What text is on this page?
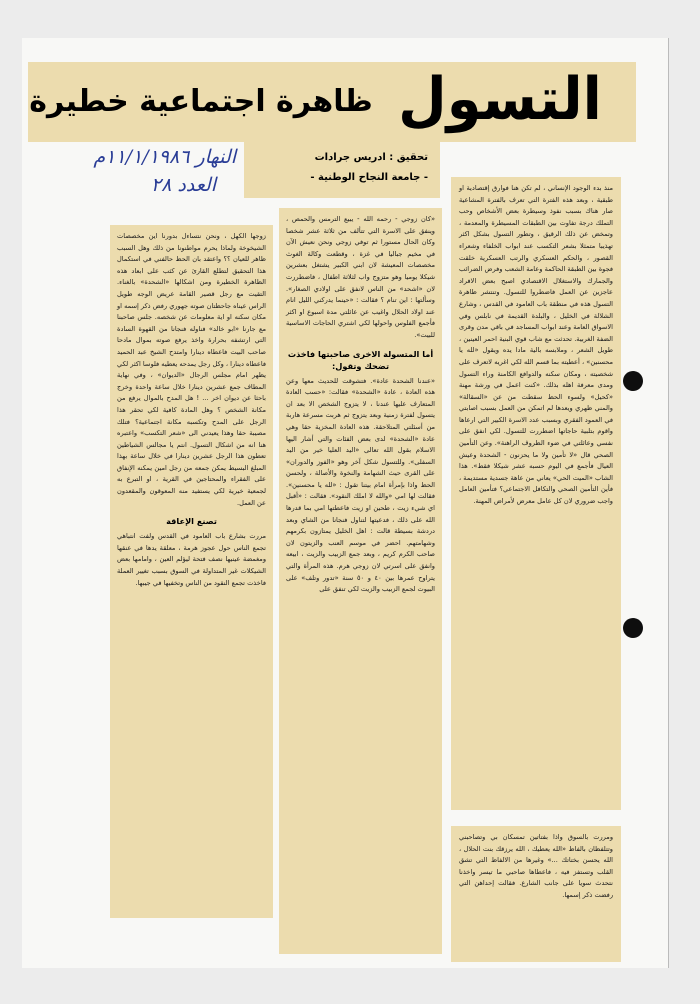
التسول
ظاهرة اجتماعية خطيرة
تحقيق : ادريس جرادات
- جامعة النجاح الوطنية -
النهار ١١/١/١٩٨٦م
العدد ٢٨	منذ بدء الوجود الإنساني ، لم تكن هنا فوارق إقتصادية او طبقية ، وبعد هذه الفترة التي تعرف بالفترة المشاعية صار هناك بسبب نفوذ وسيطرة بعض الأشخاص وحب التملك درجة تفاوت بين الطبقات المسيطرة والمعدمة ، وتمخض عن ذلك الرقيق ، وتطور التسول بشكل اكثر تهذيبا متمثلا بشعر التكسب عند ابواب الخلفاء وشعراء القصور ، والحكم العسكري والرتب العسكرية خلقت فجوة بين الطبقة الحاكمة وعامة الشعب وفرض الضرائب والجمارك والاستغلال الاقتصادي اصبح بعض الافراد عاجزين عن العمل فاضطروا للتسول. وتنتشر ظاهرة التسول هذه في منطقة باب العامود في القدس ، وشارع الشلالة في الخليل ، والبلدة القديمة في نابلس وفي الاسواق العامة وعند ابواب المساجد في باقي مدن وقرى الضفة الغربية. تحدثت مع شاب قوي البنية احمر العينين ، طويل الشعر ، وملابسه بالية مادا يده ويقول «لله يا محسنين» ، أعطيته بما قسم الله لكي اغريه لاتعرف على شخصيته ، ومكان سكنه والدوافع الكامنة وراء التسول ومدى معرفة اهله بذلك. «كنت اعمل في ورشة مهنة «كحيل» ولسوء الحظ سقطت من عن «السقالة» والمني ظهري ويعدها لم اتمكن من العمل بسبب اصابتي في العمود الفقري وبسبب عدد الاسرة الكبير التي ارعاها واقوم بتلبية حاجاتها اضطررت للتسول. لكي انفق على نفسي وعائلتي في ضوء الظروف الراهنة». وعن التأمين الصحي قال «لا تأمين ولا ما يحزنون - الشحدة وعيش العيال فأجمع في اليوم حسبه عشر شيكلا فقط». هذا الشاب «الميت الحي» يعاني من عاهة جسدية مستديمة ، فأين التأمين الصحي والتكافل الاجتماعي؟ فتأمين العامل واجب ضروري لان كل عامل معرض لأمراض المهنة.

ومررت بالسوق واذا بفتاتين تمسكان بي وتصاحبني وتتلفظان بالفاظ «الله يعطيك ، الله يرزقك بنت الحلال ، الله يحسن بختاتك ...» وغيرها من الالفاظ التي تشق القلب وتستفز فيه ، فاعطاها صاحبي ما تيسر واخذنا نتحدث سويا على جانب الشارع. فقالت إحداهن التي رفضت ذكر إسمها.

«كان زوجي - رحمه الله - يبيع الترمس والحمص ، وينفق على الاسرة التي تتألف من ثلاثة عشر شخصا وكان الحال مستورا ثم توفي زوجي ونحن نعيش الآن في مخيم جباليا في غزة ، وقطعت وكالة الغوث مخصصات المعيشة لان ابني الكبير يشتغل بعشرين شيكلا يوميا وهو متزوج واب لثلاثة اطفال ، فاضطررت لان «اشحد» من الناس لانفق على اولادي الصغار». وسألتها : اين تنام ؟ فقالت : «حينما يدركني الليل انام عند اولاد الحلال واغيب عن عائلتي مدة اسبوع او اكثر فأجمع الفلوس واحولها لكي اشتري الحاجات الاساسية للبيت».

أما المتسولة الاخرى صاحبتها فاخذت تضحك وتقول:

«عندنا الشحدة عادة». فتشوقت للحديث معها وعن هذه العادة ، عادة «الشحدة» فقالت: «حسب العادة المتعارف عليها عندنا ، لا يتزوج الشخص الا بعد ان يتسول لفترة زمنية وبعد يتزوج ثم هربت مسرعة هاربة من أسئلتي المتلاحقة. هذه العادة المخزية حقا وهي عادة «الشحدة» لدى بعض الفئات والتي أشار اليها الاسلام بقول الله تعالى «اليد العليا خير من اليد السفلى». وللتسول شكل آخر وهو «الفوز والدوران» على القرى حيث الشهامة والنخوة والأصالة ، ولحسن الحظ واذا بإمرأة امام بيتنا تقول : «لله يا محسنين». فقالت لها امي «والله لا املك النقود». فقالت : «أقبل اي شيء زيت ، طحين او زيت فاعطتها امي بما قدرها الله على ذلك ، فدعيتها لتناول فنجانا من الشاي وبعد دردشة بسيطة قالت : اهل الخليل يمتازون بكرمهم وشهامتهم. احضر في موسم العنب والزيتون لان صاحب الكرم كريم ، وبعد جمع الزبيب والزيت ، ابيعه وانفق على اسرتي لان زوجي هرم. هذه المرأة والتي يتراوح عمرها بين ٤٠ و ٥٠ سنة «تدور وتلف» على البيوت لجمع الزبيب والزيت لكي تنفق على

زوجها الكهل ، ونحن نتساءل بدورنا اين مخصصات الشيخوخة ولماذا يحرم مواطنونا من ذلك وهل السبب ظاهر للعيان ؟؟ واعتقد بان الحظ حالفني في استكمال هذا التحقيق لتطلع القارئ عن كثب على ابعاد هذه الظاهرة الخطيرة ومن اشكالها «الشحدة» بالغناء. التقيت مع رجل قصير القامة عريض الوجه طويل الراس عيناه جاحظتان صوته جهوري رفض ذكر إسمه او مكان سكنه او اية معلومات عن شخصه. جلس صاحبنا مع جارنا «ابو خالد» فناوله فنجانا من القهوة السادة التي ارتشفه بحرارة واخذ يرفع صوته بموال مادحا صاحب البيت فاعطاه دينارا وامتدح الشيخ عبد الحميد فاعطاه دينارا ، وكل رجل يمدحه يعطيه فلوسا اكثر لكي يظهر امام مجلس الرجال «الديوان» ، وفي نهاية المطاف جمع عشرين دينارا خلال ساعة واحدة وخرج باحثا عن ديوان اخر ... ! هل المدح بالموال يرفع من مكانة الشخص ؟ وهل المادة كافية لكي تحقر هذا الرجل على المدح وتكسبه مكانة اجتماعية؟ فتلك مصيبة حقا وهذا يعيدني الى «شعر التكسب» واعتبره هنا انه من اشكال التسول. انتم يا مجالس الشياطين تعطون هذا الرجل عشرين دينارا في خلال ساعة بهذا المبلغ البسيط يمكن جمعه من رجل امين يمكنه الإنفاق على الفقراء والمحتاجين في القرية ، او التبرع به لجمعية خيرية لكي يستفيد منه المعوقون والمقعدون عن العمل.

تصنع الإعاقة

مررت بشارع باب العامود في القدس ولفت انتباهي تجمع الناس حول عجوز هرمة ، معلقة يدها في عنقها ومغمضة عينيها نصف فتحة ليؤلم العين ، وامامها بعض الشيكلات غير المتداولة في السوق بسبب تغيير العملة فاخذت تجمع النقود من الناس وتخفيها في جيبها.
